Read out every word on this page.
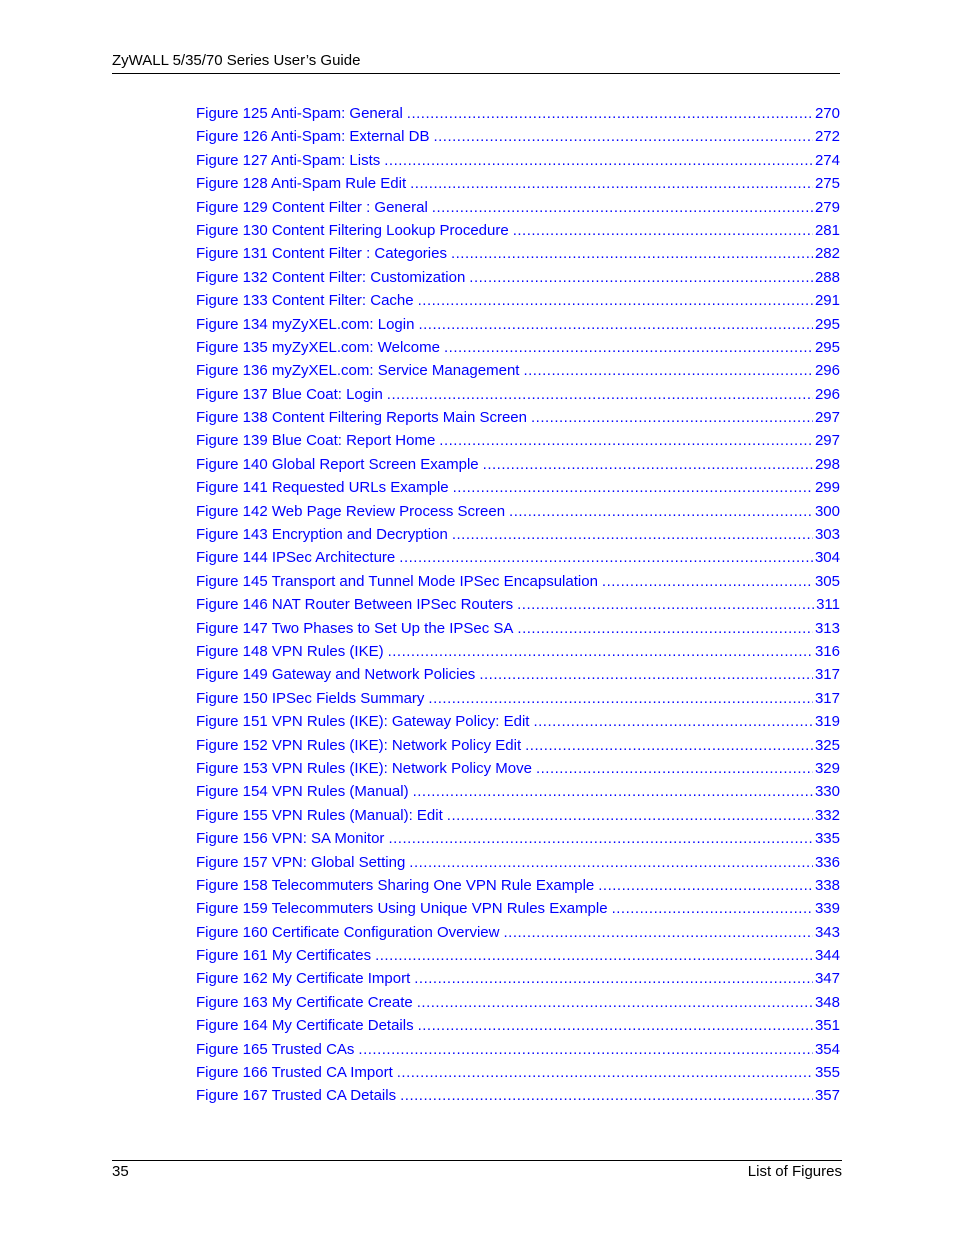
ZyWALL 5/35/70 Series User’s Guide
Figure 125 Anti-Spam: General .....	270
Figure 126 Anti-Spam: External DB .....	272
Figure 127 Anti-Spam: Lists .....	274
Figure 128 Anti-Spam Rule Edit .....	275
Figure 129 Content Filter : General .....	279
Figure 130 Content Filtering Lookup Procedure .....	281
Figure 131 Content Filter : Categories .....	282
Figure 132 Content Filter: Customization .....	288
Figure 133 Content Filter: Cache .....	291
Figure 134 myZyXEL.com: Login .....	295
Figure 135 myZyXEL.com: Welcome .....	295
Figure 136 myZyXEL.com: Service Management .....	296
Figure 137 Blue Coat: Login .....	296
Figure 138 Content Filtering Reports Main Screen .....	297
Figure 139 Blue Coat: Report Home .....	297
Figure 140 Global Report Screen Example .....	298
Figure 141 Requested URLs Example .....	299
Figure 142 Web Page Review Process Screen .....	300
Figure 143 Encryption and Decryption .....	303
Figure 144 IPSec Architecture .....	304
Figure 145 Transport and Tunnel Mode IPSec Encapsulation .....	305
Figure 146 NAT Router Between IPSec Routers .....	311
Figure 147 Two Phases to Set Up the IPSec SA .....	313
Figure 148 VPN Rules (IKE) .....	316
Figure 149 Gateway and Network Policies .....	317
Figure 150 IPSec Fields Summary .....	317
Figure 151 VPN Rules (IKE): Gateway Policy: Edit .....	319
Figure 152 VPN Rules (IKE): Network Policy Edit .....	325
Figure 153 VPN Rules (IKE): Network Policy Move .....	329
Figure 154 VPN Rules (Manual) .....	330
Figure 155 VPN Rules (Manual): Edit .....	332
Figure 156 VPN: SA Monitor .....	335
Figure 157 VPN: Global Setting .....	336
Figure 158 Telecommuters Sharing One VPN Rule Example .....	338
Figure 159 Telecommuters Using Unique VPN Rules Example .....	339
Figure 160 Certificate Configuration Overview .....	343
Figure 161 My Certificates .....	344
Figure 162 My Certificate Import .....	347
Figure 163 My Certificate Create .....	348
Figure 164 My Certificate Details .....	351
Figure 165 Trusted CAs .....	354
Figure 166 Trusted CA Import .....	355
Figure 167 Trusted CA Details .....	357
35	List of Figures
